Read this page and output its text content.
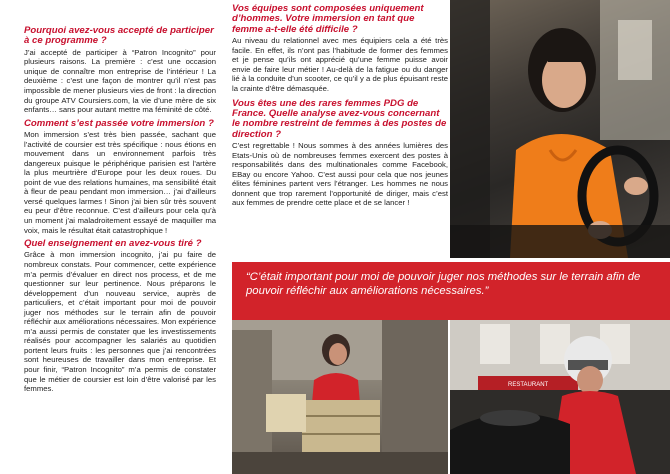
Pourquoi avez-vous accepté de participer à ce programme ?

J’ai accepté de participer à “Patron Incognito” pour plusieurs raisons. La première : c’est une occasion unique de connaître mon entreprise de l’intérieur ! La deuxième : c’est une façon de montrer qu’il n’est pas impossible de mener plusieurs vies de front : la direction du groupe ATV Coursiers.com, la vie d’une mère de six enfants… sans pour autant mettre ma féminité de côté.

Comment s’est passée votre immersion ?

Mon immersion s’est très bien passée, sachant que l’activité de coursier est très spécifique : nous étions en mouvement dans un environnement parfois très dangereux puisque le périphérique parisien est l’artère la plus meurtrière d’Europe pour les deux roues. Du point de vue des relations humaines, ma sensibilité était à fleur de peau pendant mon immersion… j’ai d’ailleurs versé quelques larmes ! Sinon j’ai bien sûr très souvent eu peur d’être reconnue. C’est d’ailleurs pour cela qu’à un moment j’ai maladroitement essayé de maquiller ma voix, mais le résultat était catastrophique !

Quel enseignement en avez-vous tiré ?

Grâce à mon immersion incognito, j’ai pu faire de nombreux constats. Pour commencer, cette expérience m’a permis d’évaluer en direct nos process, et de me questionner sur leur pertinence. Nous préparons le développement d’un nouveau service, auprès de particuliers, et c’était important pour moi de pouvoir juger nos méthodes sur le terrain afin de pouvoir réfléchir aux améliorations nécessaires. Mon expérience m’a aussi permis de constater que les investissements réalisés pour accompagner les salariés au quotidien portent leurs fruits : les personnes que j’ai rencontrées sont heureuses de travailler dans mon entreprise. Et pour finir, “Patron Incognito” m’a permis de constater que le métier de coursier est loin d’être valorisé par les femmes.

Vos équipes sont composées uniquement d’hommes. Votre immersion en tant que femme a-t-elle été difficile ?

Au niveau du relationnel avec mes équipiers cela a été très facile. En effet, ils n’ont pas l’habitude de former des femmes et je pense qu’ils ont apprécié qu’une femme puisse avoir envie de faire leur métier ! Au-delà de la fatigue ou du danger lié à la conduite d’un scooter, ce qu’il y a de plus épuisant reste la crainte d’être démasquée.

Vous êtes une des rares femmes PDG de France. Quelle analyse avez-vous concernant le nombre restreint de femmes à des postes de direction ?

C’est regrettable ! Nous sommes à des années lumières des Etats-Unis où de nombreuses femmes exercent des postes à responsabilités dans des multinationales comme Facebook, EBay ou encore Yahoo. C’est aussi pour cela que nos jeunes élites féminines partent vers l’étranger. Les hommes ne nous donnent que trop rarement l’opportunité de diriger, mais c’est aux femmes de prendre cette place et de se lancer !

“C’était important pour moi de pouvoir juger nos méthodes sur le terrain afin de pouvoir réfléchir aux améliorations nécessaires.”
RESTAURANT
